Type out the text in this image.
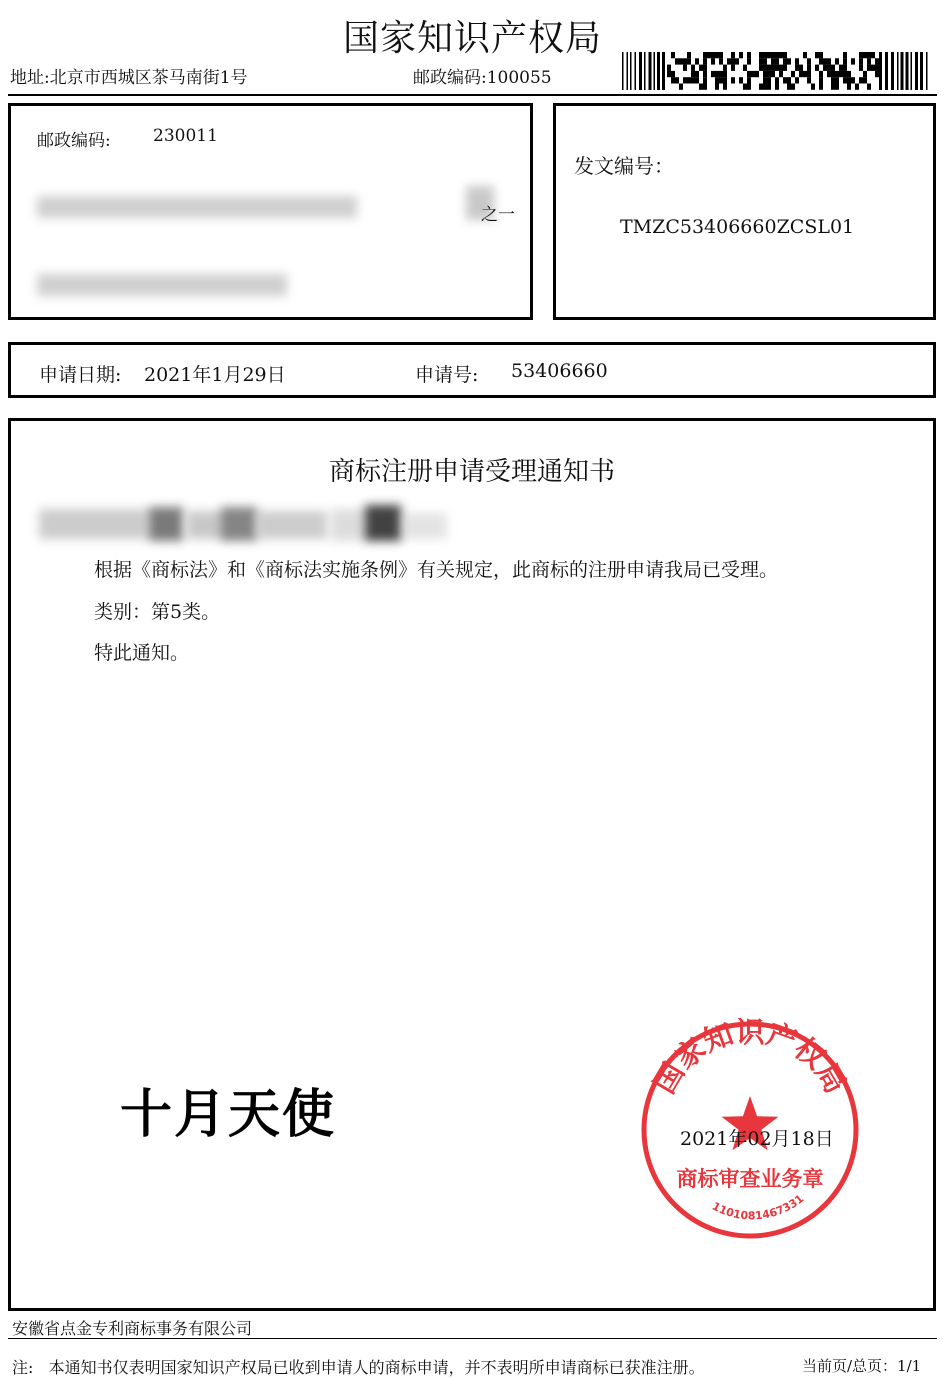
国家知识产权局
地址:北京市西城区茶马南街1号	邮政编码:100055
邮政编码: 230011
之一
发文编号：
TMZC53406660ZCSL01
申请日期: 2021年1月29日	申请号: 53406660
商标注册申请受理通知书
根据《商标法》和《商标法实施条例》有关规定，此商标的注册申请我局已受理。
类别：第5类。
特此通知。
十月天使
国家知识产权局
商标审查业务章
1101081467331
2021年02月18日
安徽省点金专利商标事务有限公司
注:   本通知书仅表明国家知识产权局已收到申请人的商标申请，并不表明所申请商标已获准注册。	当前页/总页：1/1
